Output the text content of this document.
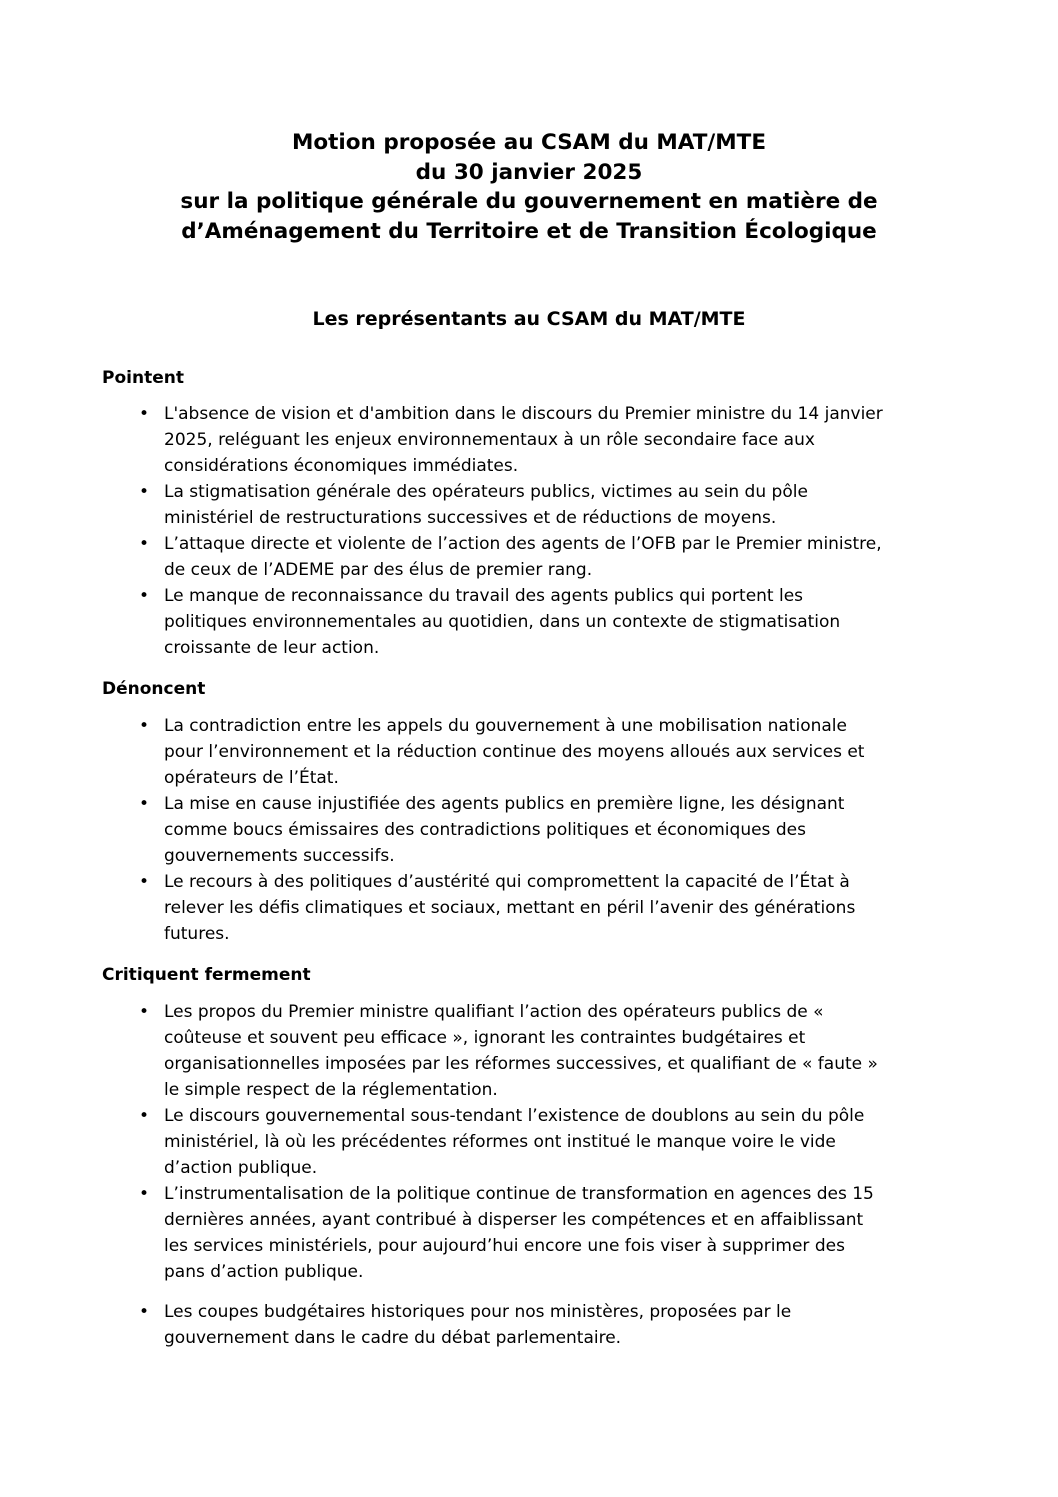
Motion proposée au CSAM du MAT/MTE
du 30 janvier 2025
sur la politique générale du gouvernement en matière de
d’Aménagement du Territoire et de Transition Écologique
Les représentants au CSAM du MAT/MTE
Pointent
• L'absence de vision et d'ambition dans le discours du Premier ministre du 14 janvier
2025, reléguant les enjeux environnementaux à un rôle secondaire face aux
considérations économiques immédiates.
• La stigmatisation générale des opérateurs publics, victimes au sein du pôle
ministériel de restructurations successives et de réductions de moyens.
• L’attaque directe et violente de l’action des agents de l’OFB par le Premier ministre,
de ceux de l’ADEME par des élus de premier rang.
• Le manque de reconnaissance du travail des agents publics qui portent les
politiques environnementales au quotidien, dans un contexte de stigmatisation
croissante de leur action.
Dénoncent
• La contradiction entre les appels du gouvernement à une mobilisation nationale
pour l’environnement et la réduction continue des moyens alloués aux services et
opérateurs de l’État.
• La mise en cause injustifiée des agents publics en première ligne, les désignant
comme boucs émissaires des contradictions politiques et économiques des
gouvernements successifs.
• Le recours à des politiques d’austérité qui compromettent la capacité de l’État à
relever les défis climatiques et sociaux, mettant en péril l’avenir des générations
futures.
Critiquent fermement
• Les propos du Premier ministre qualifiant l’action des opérateurs publics de «
coûteuse et souvent peu efficace », ignorant les contraintes budgétaires et
organisationnelles imposées par les réformes successives, et qualifiant de « faute »
le simple respect de la réglementation.
• Le discours gouvernemental sous-tendant l’existence de doublons au sein du pôle
ministériel, là où les précédentes réformes ont institué le manque voire le vide
d’action publique.
• L’instrumentalisation de la politique continue de transformation en agences des 15
dernières années, ayant contribué à disperser les compétences et en affaiblissant
les services ministériels, pour aujourd’hui encore une fois viser à supprimer des
pans d’action publique.
• Les coupes budgétaires historiques pour nos ministères, proposées par le
gouvernement dans le cadre du débat parlementaire.
